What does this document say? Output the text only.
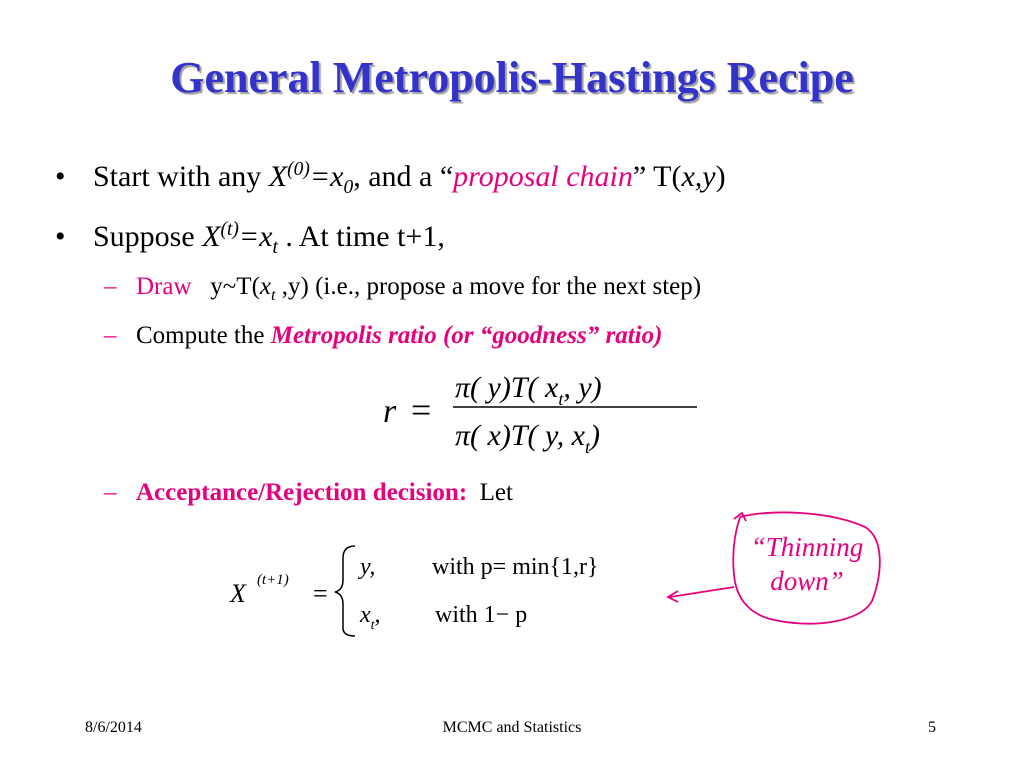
General Metropolis-Hastings Recipe
• Start with any $X^{(0)}=x_0$, and a “proposal chain” T(x,y)
• Suppose $X^{(t)}=x_t$ . At time t+1,
– Draw $y\sim T(x_t$ ,y) (i.e., propose a move for the next step)
– Compute the Metropolis ratio (or “goodness” ratio)
r =
π( y)T( $x_t$, y)
π( x)T( y, $x_t$)
– Acceptance/Rejection decision: Let
X (t+1) =
y, with p= min{1,r}
$x_t$, with 1− p
“Thinning
down”
8/6/2014	MCMC and Statistics	5
